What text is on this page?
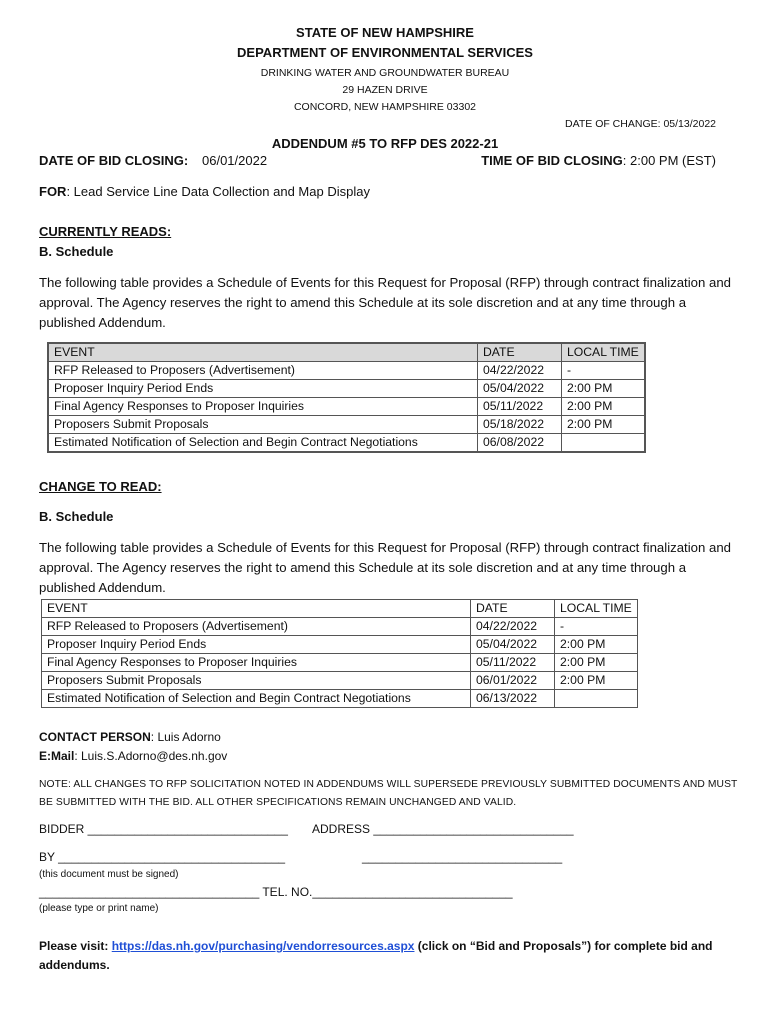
STATE OF NEW HAMPSHIRE
DEPARTMENT OF ENVIRONMENTAL SERVICES
DRINKING WATER AND GROUNDWATER BUREAU
29 HAZEN DRIVE
CONCORD, NEW HAMPSHIRE 03302
DATE OF CHANGE: 05/13/2022
ADDENDUM #5 TO RFP DES 2022-21
DATE OF BID CLOSING: 06/01/2022	TIME OF BID CLOSING: 2:00 PM (EST)
FOR: Lead Service Line Data Collection and Map Display
CURRENTLY READS:
B. Schedule
The following table provides a Schedule of Events for this Request for Proposal (RFP) through contract finalization and approval. The Agency reserves the right to amend this Schedule at its sole discretion and at any time through a published Addendum.
EVENT	DATE	LOCAL TIME
RFP Released to Proposers (Advertisement)	04/22/2022	-
Proposer Inquiry Period Ends	05/04/2022	2:00 PM
Final Agency Responses to Proposer Inquiries	05/11/2022	2:00 PM
Proposers Submit Proposals	05/18/2022	2:00 PM
Estimated Notification of Selection and Begin Contract Negotiations	06/08/2022	
CHANGE TO READ:
B. Schedule
The following table provides a Schedule of Events for this Request for Proposal (RFP) through contract finalization and approval. The Agency reserves the right to amend this Schedule at its sole discretion and at any time through a published Addendum.
EVENT	DATE	LOCAL TIME
RFP Released to Proposers (Advertisement)	04/22/2022	-
Proposer Inquiry Period Ends	05/04/2022	2:00 PM
Final Agency Responses to Proposer Inquiries	05/11/2022	2:00 PM
Proposers Submit Proposals	06/01/2022	2:00 PM
Estimated Notification of Selection and Begin Contract Negotiations	06/13/2022	
CONTACT PERSON: Luis Adorno
E:Mail: Luis.S.Adorno@des.nh.gov
NOTE: ALL CHANGES TO RFP SOLICITATION NOTED IN ADDENDUMS WILL SUPERSEDE PREVIOUSLY SUBMITTED DOCUMENTS AND MUST BE SUBMITTED WITH THE BID. ALL OTHER SPECIFICATIONS REMAIN UNCHANGED AND VALID.
BIDDER ______________________________ ADDRESS ______________________________
BY __________________________________	______________________________
(this document must be signed)
_________________________________ TEL. NO.______________________________
(please type or print name)
Please visit: https://das.nh.gov/purchasing/vendorresources.aspx (click on “Bid and Proposals”) for complete bid and addendums.
